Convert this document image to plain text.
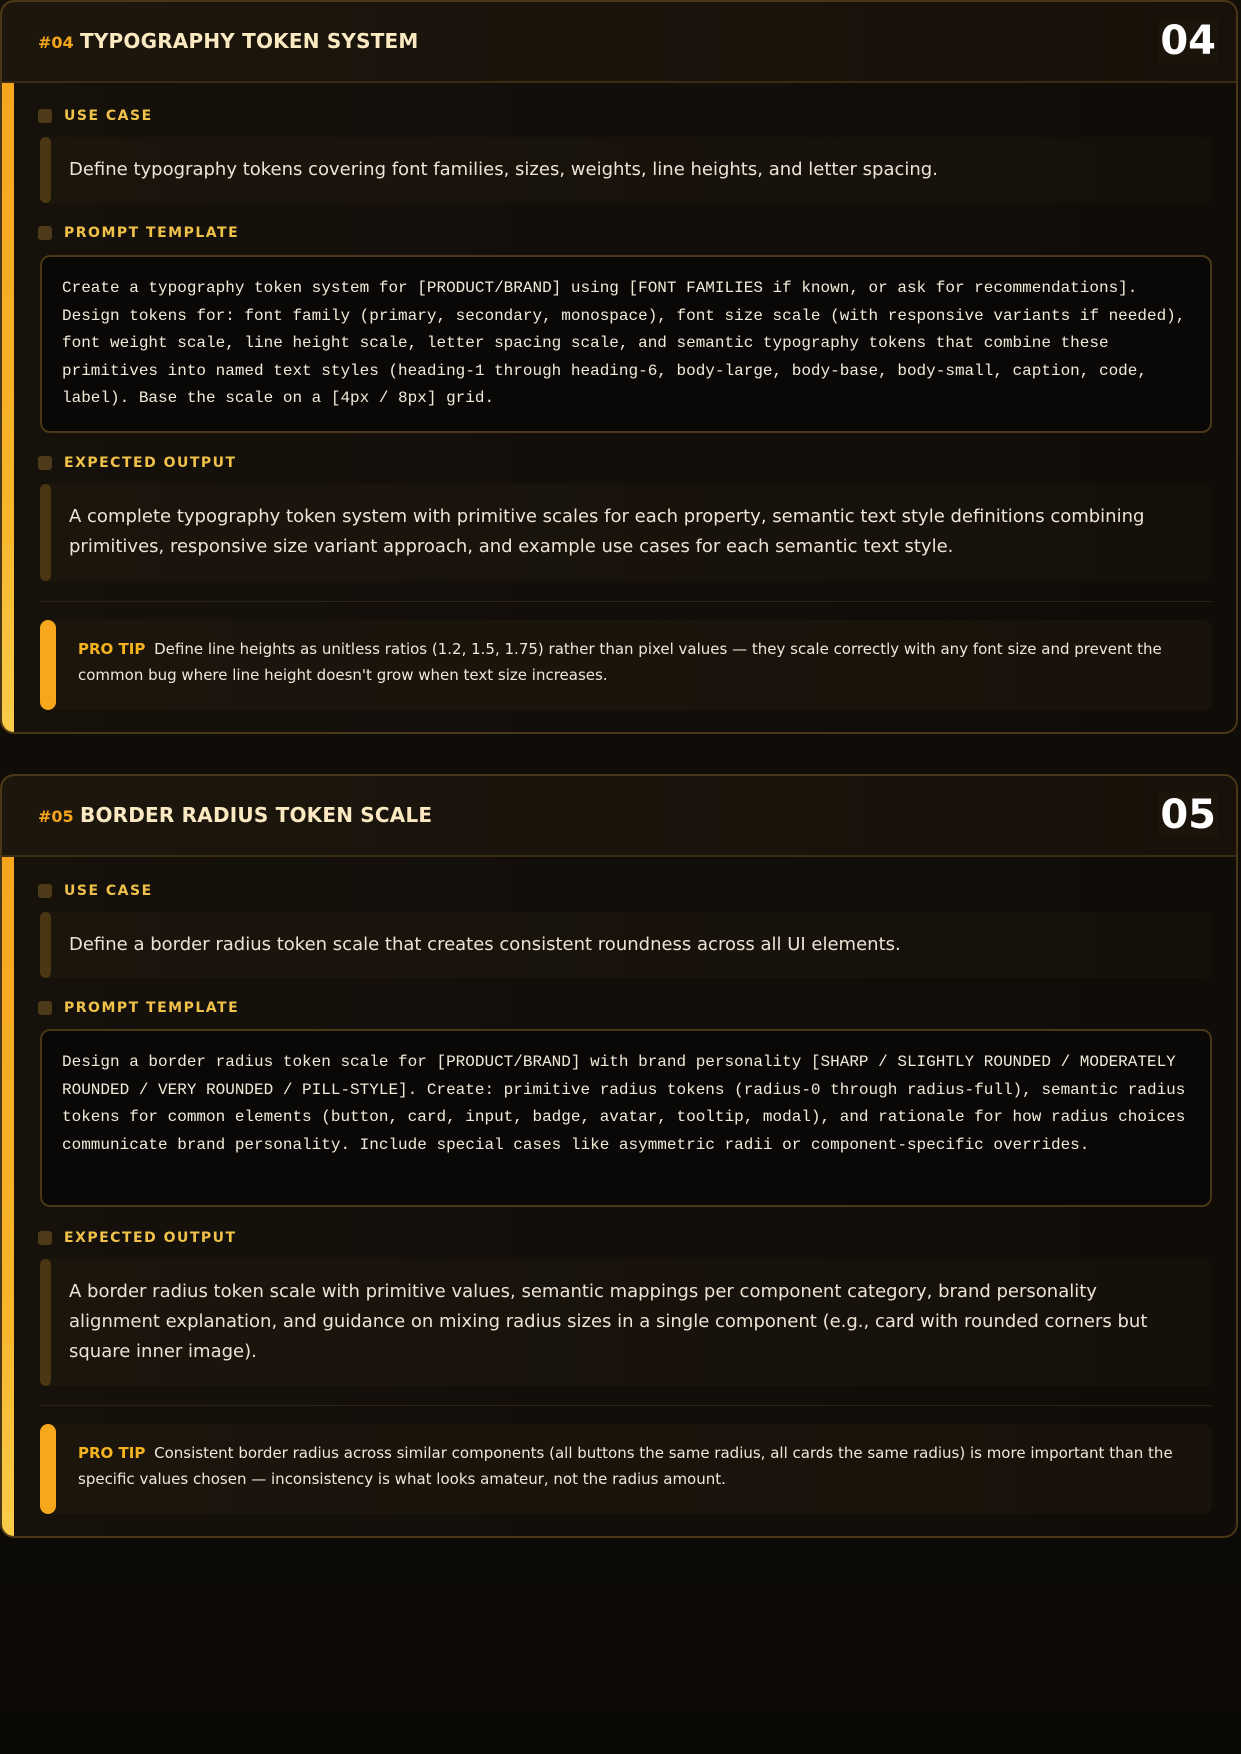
#04 TYPOGRAPHY TOKEN SYSTEM	04
USE CASE
Define typography tokens covering font families, sizes, weights, line heights, and letter spacing.
PROMPT TEMPLATE
Create a typography token system for [PRODUCT/BRAND] using [FONT FAMILIES if known, or ask for recommendations]. Design tokens for: font family (primary, secondary, monospace), font size scale (with responsive variants if needed), font weight scale, line height scale, letter spacing scale, and semantic typography tokens that combine these primitives into named text styles (heading-1 through heading-6, body-large, body-base, body-small, caption, code, label). Base the scale on a [4px / 8px] grid.
EXPECTED OUTPUT
A complete typography token system with primitive scales for each property, semantic text style definitions combining primitives, responsive size variant approach, and example use cases for each semantic text style.
PRO TIP Define line heights as unitless ratios (1.2, 1.5, 1.75) rather than pixel values — they scale correctly with any font size and prevent the common bug where line height doesn't grow when text size increases.
#05 BORDER RADIUS TOKEN SCALE	05
USE CASE
Define a border radius token scale that creates consistent roundness across all UI elements.
PROMPT TEMPLATE
Design a border radius token scale for [PRODUCT/BRAND] with brand personality [SHARP / SLIGHTLY ROUNDED / MODERATELY ROUNDED / VERY ROUNDED / PILL-STYLE]. Create: primitive radius tokens (radius-0 through radius-full), semantic radius tokens for common elements (button, card, input, badge, avatar, tooltip, modal), and rationale for how radius choices communicate brand personality. Include special cases like asymmetric radii or component-specific overrides.
EXPECTED OUTPUT
A border radius token scale with primitive values, semantic mappings per component category, brand personality alignment explanation, and guidance on mixing radius sizes in a single component (e.g., card with rounded corners but square inner image).
PRO TIP Consistent border radius across similar components (all buttons the same radius, all cards the same radius) is more important than the specific values chosen — inconsistency is what looks amateur, not the radius amount.
